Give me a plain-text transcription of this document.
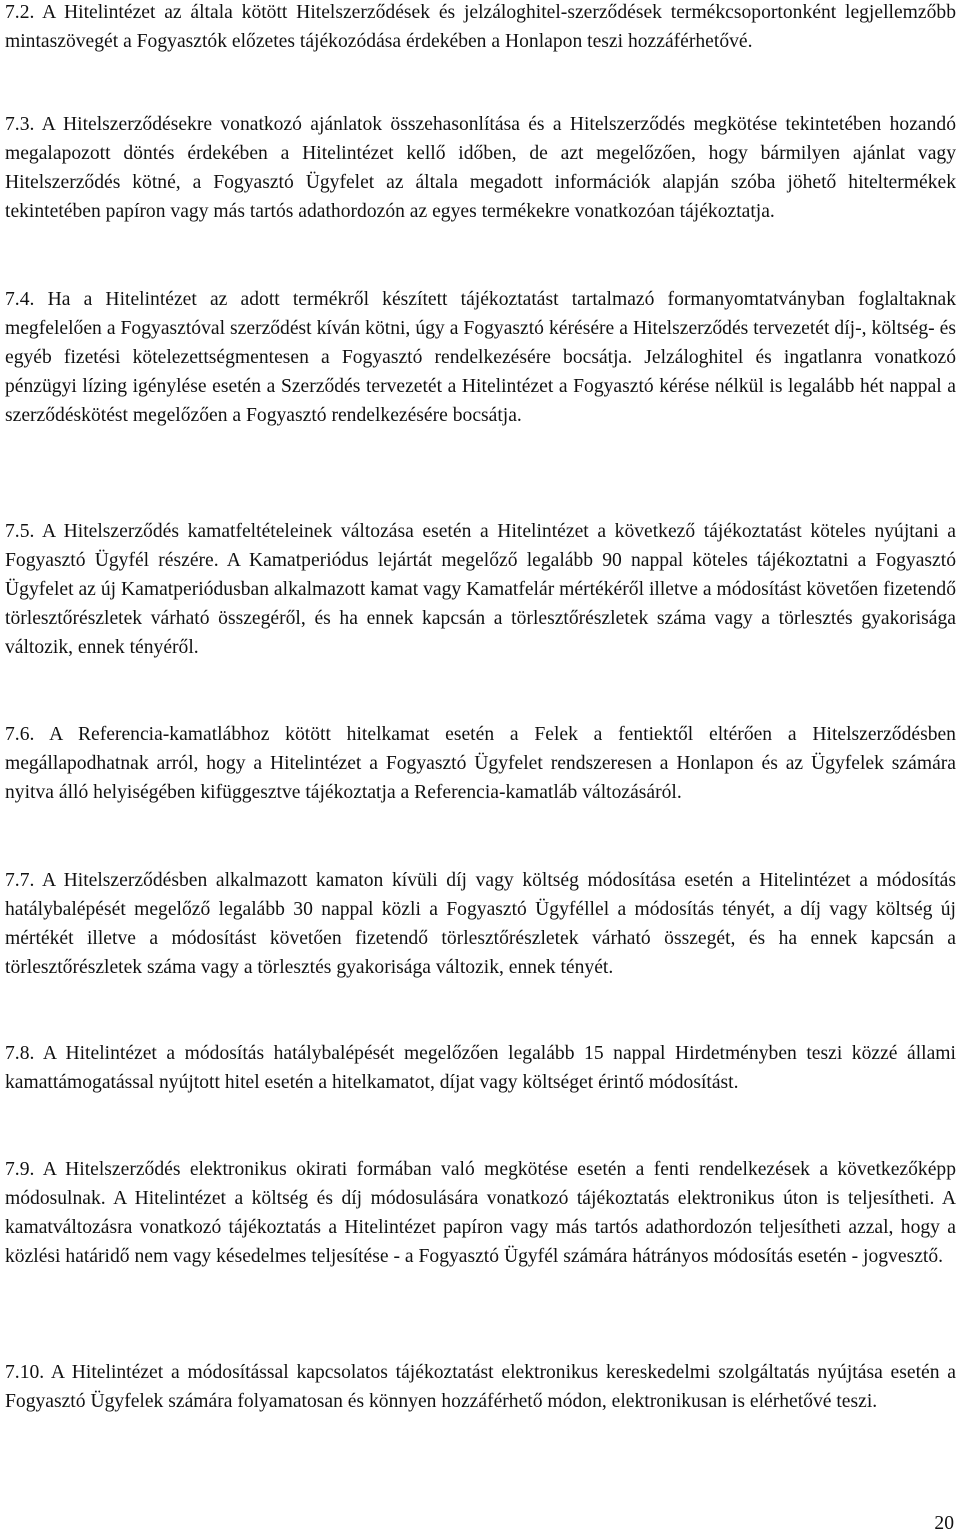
7.2. A Hitelintézet az általa kötött Hitelszerződések és jelzáloghitel-szerződések termékcsoportonként legjellemzőbb mintaszövegét a Fogyasztók előzetes tájékozódása érdekében a Honlapon teszi hozzáférhetővé.

7.3. A Hitelszerződésekre vonatkozó ajánlatok összehasonlítása és a Hitelszerződés megkötése tekintetében hozandó megalapozott döntés érdekében a Hitelintézet kellő időben, de azt megelőzően, hogy bármilyen ajánlat vagy Hitelszerződés kötné, a Fogyasztó Ügyfelet az általa megadott információk alapján szóba jöhető hiteltermékek tekintetében papíron vagy más tartós adathordozón az egyes termékekre vonatkozóan tájékoztatja.

7.4. Ha a Hitelintézet az adott termékről készített tájékoztatást tartalmazó formanyomtatványban foglaltaknak megfelelően a Fogyasztóval szerződést kíván kötni, úgy a Fogyasztó kérésére a Hitelszerződés tervezetét díj-, költség- és egyéb fizetési kötelezettségmentesen a Fogyasztó rendelkezésére bocsátja. Jelzáloghitel és ingatlanra vonatkozó pénzügyi lízing igénylése esetén a Szerződés tervezetét a Hitelintézet a Fogyasztó kérése nélkül is legalább hét nappal a szerződéskötést megelőzően a Fogyasztó rendelkezésére bocsátja.

7.5. A Hitelszerződés kamatfeltételeinek változása esetén a Hitelintézet a következő tájékoztatást köteles nyújtani a Fogyasztó Ügyfél részére. A Kamatperiódus lejártát megelőző legalább 90 nappal köteles tájékoztatni a Fogyasztó Ügyfelet az új Kamatperiódusban alkalmazott kamat vagy Kamatfelár mértékéről illetve a módosítást követően fizetendő törlesztőrészletek várható összegéről, és ha ennek kapcsán a törlesztőrészletek száma vagy a törlesztés gyakorisága változik, ennek tényéről.

7.6. A Referencia-kamatlábhoz kötött hitelkamat esetén a Felek a fentiektől eltérően a Hitelszerződésben megállapodhatnak arról, hogy a Hitelintézet a Fogyasztó Ügyfelet rendszeresen a Honlapon és az Ügyfelek számára nyitva álló helyiségében kifüggesztve tájékoztatja a Referencia-kamatláb változásáról.

7.7. A Hitelszerződésben alkalmazott kamaton kívüli díj vagy költség módosítása esetén a Hitelintézet a módosítás hatálybalépését megelőző legalább 30 nappal közli a Fogyasztó Ügyféllel a módosítás tényét, a díj vagy költség új mértékét illetve a módosítást követően fizetendő törlesztőrészletek várható összegét, és ha ennek kapcsán a törlesztőrészletek száma vagy a törlesztés gyakorisága változik, ennek tényét.

7.8. A Hitelintézet a módosítás hatálybalépését megelőzően legalább 15 nappal Hirdetményben teszi közzé állami kamattámogatással nyújtott hitel esetén a hitelkamatot, díjat vagy költséget érintő módosítást.

7.9. A Hitelszerződés elektronikus okirati formában való megkötése esetén a fenti rendelkezések a következőképp módosulnak. A Hitelintézet a költség és díj módosulására vonatkozó tájékoztatás elektronikus úton is teljesítheti. A kamatváltozásra vonatkozó tájékoztatás a Hitelintézet papíron vagy más tartós adathordozón teljesítheti azzal, hogy a közlési határidő nem vagy késedelmes teljesítése - a Fogyasztó Ügyfél számára hátrányos módosítás esetén - jogvesztő.

7.10. A Hitelintézet a módosítással kapcsolatos tájékoztatást elektronikus kereskedelmi szolgáltatás nyújtása esetén a Fogyasztó Ügyfelek számára folyamatosan és könnyen hozzáférhető módon, elektronikusan is elérhetővé teszi.

20
